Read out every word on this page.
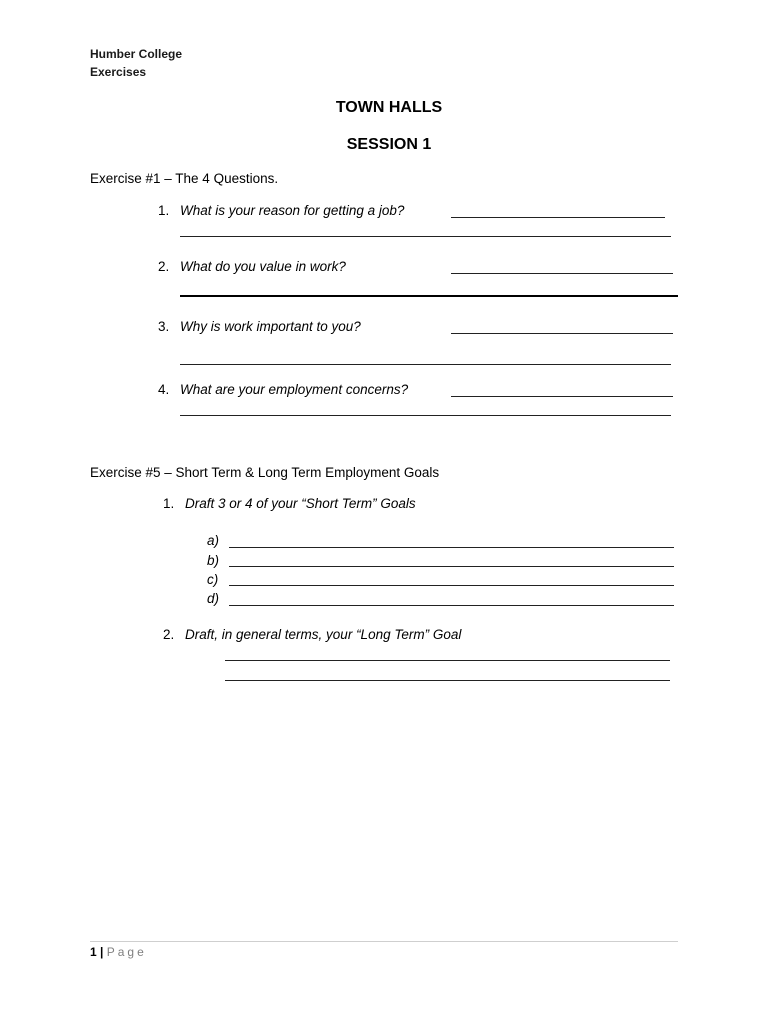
Humber College
Exercises
TOWN HALLS
SESSION 1
Exercise #1 – The 4 Questions.
1. What is your reason for getting a job?
2. What do you value in work?
3. Why is work important to you?
4. What are your employment concerns?
Exercise #5 – Short Term & Long Term Employment Goals
1. Draft 3 or 4 of your “Short Term” Goals
a)
b)
c)
d)
2. Draft, in general terms, your “Long Term” Goal
1 | Page
